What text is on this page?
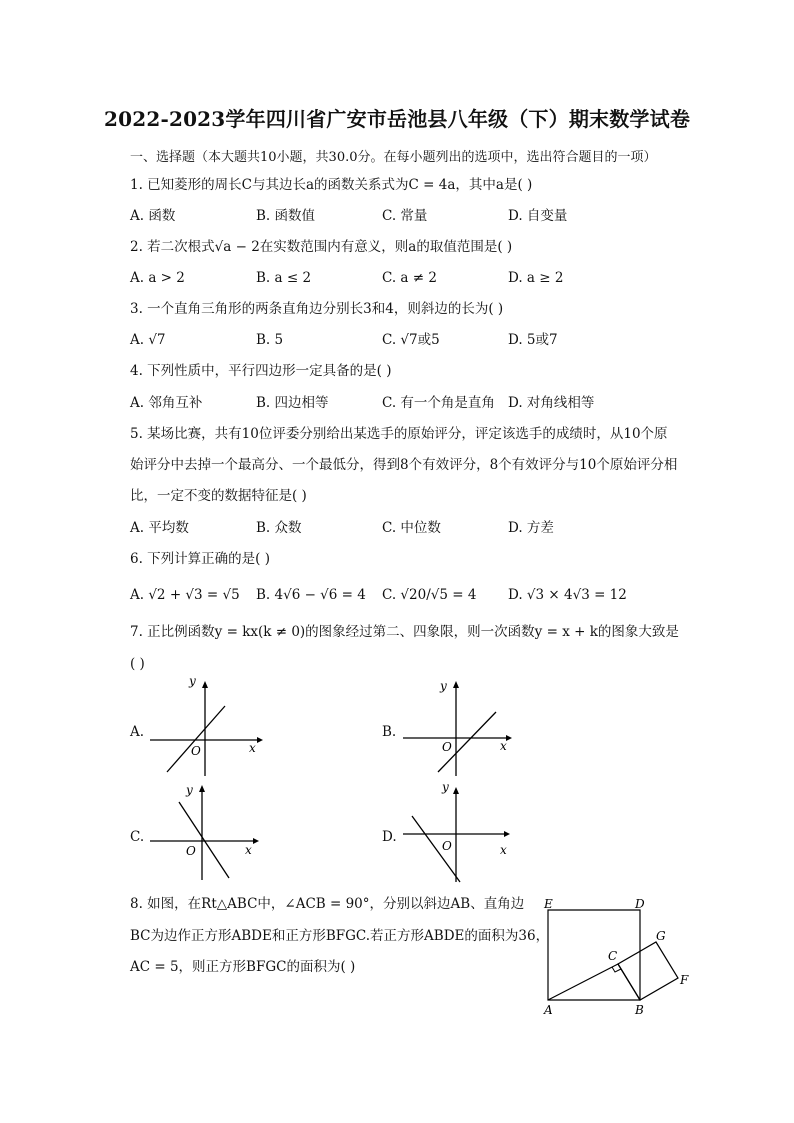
2022-2023学年四川省广安市岳池县八年级（下）期末数学试卷
一、选择题（本大题共10小题，共30.0分。在每小题列出的选项中，选出符合题目的一项）
1. 已知菱形的周长C与其边长a的函数关系式为C = 4a，其中a是( )
A. 函数	B. 函数值	C. 常量	D. 自变量
2. 若二次根式√a − 2在实数范围内有意义，则a的取值范围是( )
A. a > 2	B. a ≤ 2	C. a ≠ 2	D. a ≥ 2
3. 一个直角三角形的两条直角边分别长3和4，则斜边的长为( )
A. √7	B. 5	C. √7或5	D. 5或7
4. 下列性质中，平行四边形一定具备的是( )
A. 邻角互补	B. 四边相等	C. 有一个角是直角 D. 对角线相等
5. 某场比赛，共有10位评委分别给出某选手的原始评分，评定该选手的成绩时，从10个原
始评分中去掉一个最高分、一个最低分，得到8个有效评分，8个有效评分与10个原始评分相
比，一定不变的数据特征是( )
A. 平均数	B. 众数	C. 中位数	D. 方差
6. 下列计算正确的是( )
A. √2 + √3 = √5 B. 4√6 − √6 = 4 C. √20/√5 = 4 D. √3 × 4√3 = 12
7. 正比例函数y = kx(k ≠ 0)的图象经过第二、四象限，则一次函数y = x + k的图象大致是
( )
A.
y
x
O
B.
y
x
O
C.
y
x
O
D.
y
x
O
8. 如图，在Rt△ABC中，∠ACB = 90°，分别以斜边AB、直角边
BC为边作正方形ABDE和正方形BFGC.若正方形ABDE的面积为36，
AC = 5，则正方形BFGC的面积为( )
E	D
C
G
F
A	B
